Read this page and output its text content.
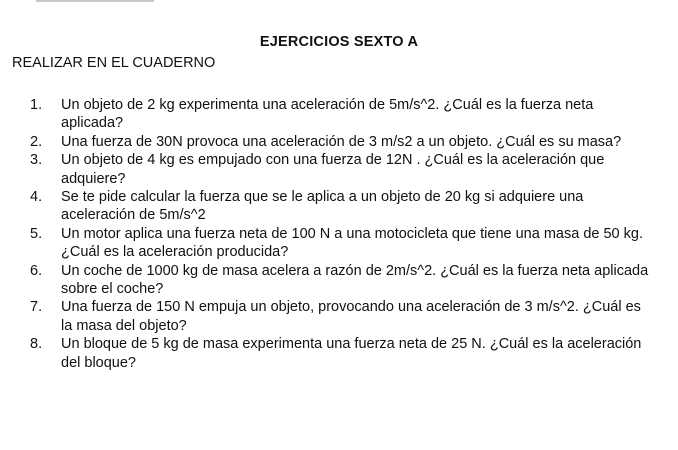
EJERCICIOS SEXTO A

REALIZAR EN EL CUADERNO

1.	Un objeto de 2 kg experimenta una aceleración de 5m/s^2. ¿Cuál es la fuerza neta aplicada?
2.	Una fuerza de 30N provoca una aceleración de 3 m/s2 a un objeto. ¿Cuál es su masa?
3.	Un objeto de 4 kg es empujado con una fuerza de 12N . ¿Cuál es la aceleración que adquiere?
4.	Se te pide calcular la fuerza que se le aplica a un objeto de 20 kg si adquiere una aceleración de 5m/s^2
5.	Un motor aplica una fuerza neta de 100 N a una motocicleta que tiene una masa de 50 kg. ¿Cuál es la aceleración producida?
6.	Un coche de 1000 kg de masa acelera a razón de 2m/s^2. ¿Cuál es la fuerza neta aplicada sobre el coche?
7.	Una fuerza de 150 N empuja un objeto, provocando una aceleración de 3 m/s^2. ¿Cuál es la masa del objeto?
8.	Un bloque de 5 kg de masa experimenta una fuerza neta de 25 N. ¿Cuál es la aceleración del bloque?
